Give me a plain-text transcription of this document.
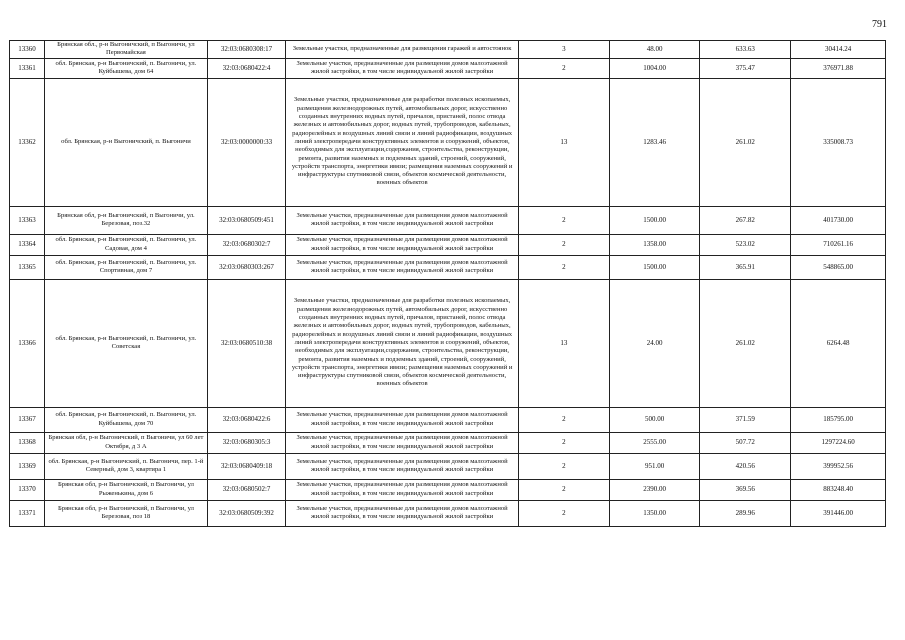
791
13360	Брянская обл., р-н Выгоничский, п Выгоничи, ул Первомайская	32:03:0680308:17	Земельные участки, предназначенные для размещения гаражей и автостоянок	3	48.00	633.63	30414.24
13361	обл. Брянская, р-н Выгоничский, п. Выгоничи, ул. Куйбышева, дом 64	32:03:0680422:4	Земельные участки, предназначенные для размещения домов малоэтажной жилой застройки, в том числе индивидуальной жилой застройки	2	1004.00	375.47	376971.88
13362	обл. Брянская, р-н Выгоничский, п. Выгоничи	32:03:0000000:33	Земельные участки, предназначенные для разработки полезных ископаемых, размещения железнодорожных путей, автомобильных дорог, искусственно созданных внутренних водных путей, причалов, пристаней, полос отвода железных и автомобильных дорог, водных путей, трубопроводов, кабельных, радиорелейных и воздушных линий связи и линий радиофикации, воздушных линий электропередачи конструктивных элементов и сооружений, объектов, необходимых для эксплуатации,содержания, строительства, реконструкции, ремонта, развития наземных и подземных зданий, строений, сооружений, устройств транспорта, энергетики ивязи; размещения наземных сооружений и инфраструктуры спутниковой связи, объектов космической деятельности, военных объектов	13	1283.46	261.02	335008.73
13363	Брянская обл, р-н Выгоничский, п Выгоничи, ул. Березовая, поз.32	32:03:0680509:451	Земельные участки, предназначенные для размещения домов малоэтажной жилой застройки, в том числе индивидуальной жилой застройки	2	1500.00	267.82	401730.00
13364	обл. Брянская, р-н Выгоничский, п. Выгоничи, ул. Садовая, дом 4	32:03:0680302:7	Земельные участки, предназначенные для размещения домов малоэтажной жилой застройки, в том числе индивидуальной жилой застройки	2	1358.00	523.02	710261.16
13365	обл. Брянская, р-н Выгоничский, п. Выгоничи, ул. Спортивная, дом 7	32:03:0680303:267	Земельные участки, предназначенные для размещения домов малоэтажной жилой застройки, в том числе индивидуальной жилой застройки	2	1500.00	365.91	548865.00
13366	обл. Брянская, р-н Выгоничский, п. Выгоничи, ул. Советская	32:03:0680510:38	Земельные участки, предназначенные для разработки полезных ископаемых, размещения железнодорожных путей, автомобильных дорог, искусственно созданных внутренних водных путей, причалов, пристаней, полос отвода железных и автомобильных дорог, водных путей, трубопроводов, кабельных, радиорелейных и воздушных линий связи и линий радиофикации, воздушных линий электропередачи конструктивных элементов и сооружений, объектов, необходимых для эксплуатации,содержания, строительства, реконструкции, ремонта, развития наземных и подземных зданий, строений, сооружений, устройств транспорта, энергетики ивязи; размещения наземных сооружений и инфраструктуры спутниковой связи, объектов космической деятельности, военных объектов	13	24.00	261.02	6264.48
13367	обл. Брянская, р-н Выгоничский, п. Выгоничи, ул. Куйбышева, дом 70	32:03:0680422:6	Земельные участки, предназначенные для размещения домов малоэтажной жилой застройки, в том числе индивидуальной жилой застройки	2	500.00	371.59	185795.00
13368	Брянская обл, р-н Выгоничский, п Выгоничи, ул 60 лет Октября, д 3 А	32:03:0680305:3	Земельные участки, предназначенные для размещения домов малоэтажной жилой застройки, в том числе индивидуальной жилой застройки	2	2555.00	507.72	1297224.60
13369	обл. Брянская, р-н Выгоничский, п. Выгоничи, пер. 1-й Северный, дом 3, квартира 1	32:03:0680409:18	Земельные участки, предназначенные для размещения домов малоэтажной жилой застройки, в том числе индивидуальной жилой застройки	2	951.00	420.56	399952.56
13370	Брянская обл, р-н Выгоничский, п Выгоничи, ул Рыженькина, дом 6	32:03:0680502:7	Земельные участки, предназначенные для размещения домов малоэтажной жилой застройки, в том числе индивидуальной жилой застройки	2	2390.00	369.56	883248.40
13371	Брянская обл, р-н Выгоничский, п Выгоничи, ул Березовая, поз 18	32:03:0680509:392	Земельные участки, предназначенные для размещения домов малоэтажной жилой застройки, в том числе индивидуальной жилой застройки	2	1350.00	289.96	391446.00
